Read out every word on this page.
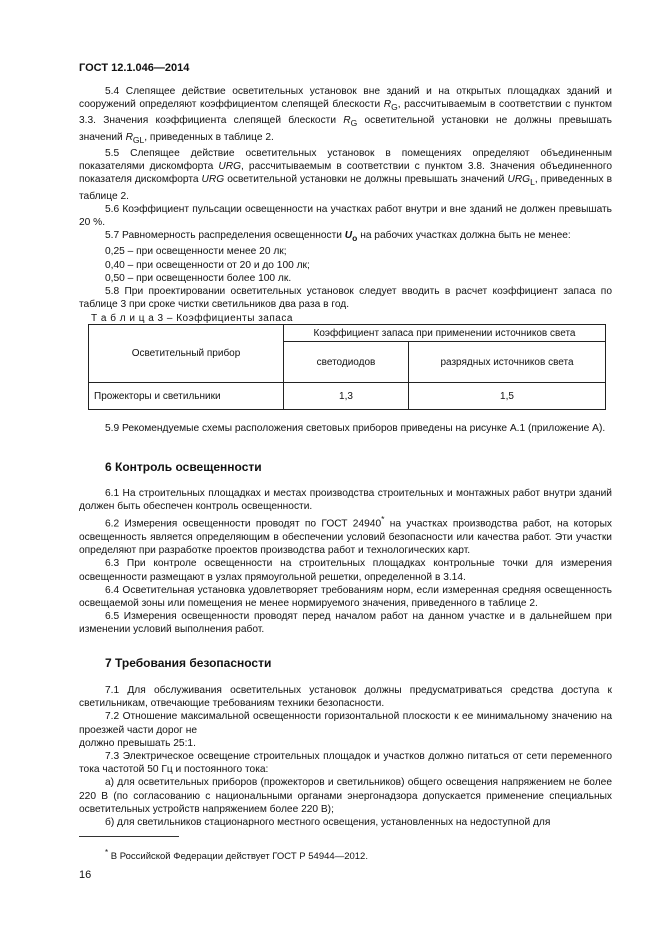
ГОСТ 12.1.046—2014

5.4 Слепящее действие осветительных установок вне зданий и на открытых площадках зданий и сооружений определяют коэффициентом слепящей блескости $R_G$, рассчитываемым в соответствии с пунктом 3.3. Значения коэффициента слепящей блескости $R_G$ осветительной установки не должны превышать значений $R_{GL}$, приведенных в таблице 2.

5.5 Слепящее действие осветительных установок в помещениях определяют объединенным показателями дискомфорта URG, рассчитываемым в соответствии с пунктом 3.8. Значения объединенного показателя дискомфорта URG осветительной установки не должны превышать значений $URG_L$, приведенных в таблице 2.

5.6 Коэффициент пульсации освещенности на участках работ внутри и вне зданий не должен превышать 20 %.

5.7 Равномерность распределения освещенности $U_o$ на рабочих участках должна быть не менее:

0,25 – при освещенности менее 20 лк;

0,40 – при освещенности от 20 и до 100 лк;

0,50 – при освещенности более 100 лк.

5.8 При проектировании осветительных установок следует вводить в расчет коэффициент запаса по таблице 3 при сроке чистки светильников два раза в год.

Т а б л и ц а 3 – Коэффициенты запаса
Осветительный прибор	Коэффициент запаса при применении источников света	
	светодиодов	разрядных источников света
Прожекторы и светильники	1,3	1,5

5.9 Рекомендуемые схемы расположения световых приборов приведены на рисунке А.1 (приложение А).

6 Контроль освещенности

6.1 На строительных площадках и местах производства строительных и монтажных работ внутри зданий должен быть обеспечен контроль освещенности.

6.2 Измерения освещенности проводят по ГОСТ 24940* на участках производства работ, на которых освещенность является определяющим в обеспечении условий безопасности или качества работ. Эти участки определяют при разработке проектов производства работ и технологических карт.

6.3 При контроле освещенности на строительных площадках контрольные точки для измерения освещенности размещают в узлах прямоугольной решетки, определенной в 3.14.

6.4 Осветительная установка удовлетворяет требованиям норм, если измеренная средняя освещенность освещаемой зоны или помещения не менее нормируемого значения, приведенного в таблице 2.

6.5 Измерения освещенности проводят перед началом работ на данном участке и в дальнейшем при изменении условий выполнения работ.

7 Требования безопасности

7.1 Для обслуживания осветительных установок должны предусматриваться средства доступа к светильникам, отвечающие требованиям техники безопасности.

7.2 Отношение максимальной освещенности горизонтальной плоскости к ее минимальному значению на проезжей части дорог не

должно превышать 25:1.

7.3 Электрическое освещение строительных площадок и участков должно питаться от сети переменного тока частотой 50 Гц и постоянного тока:

а) для осветительных приборов (прожекторов и светильников) общего освещения напряжением не более 220 В (по согласованию с национальными органами энергонадзора допускается применение специальных осветительных устройств напряжением более 220 В);

б) для светильников стационарного местного освещения, установленных на недоступной для

* В Российской Федерации действует ГОСТ Р 54944—2012.
16
